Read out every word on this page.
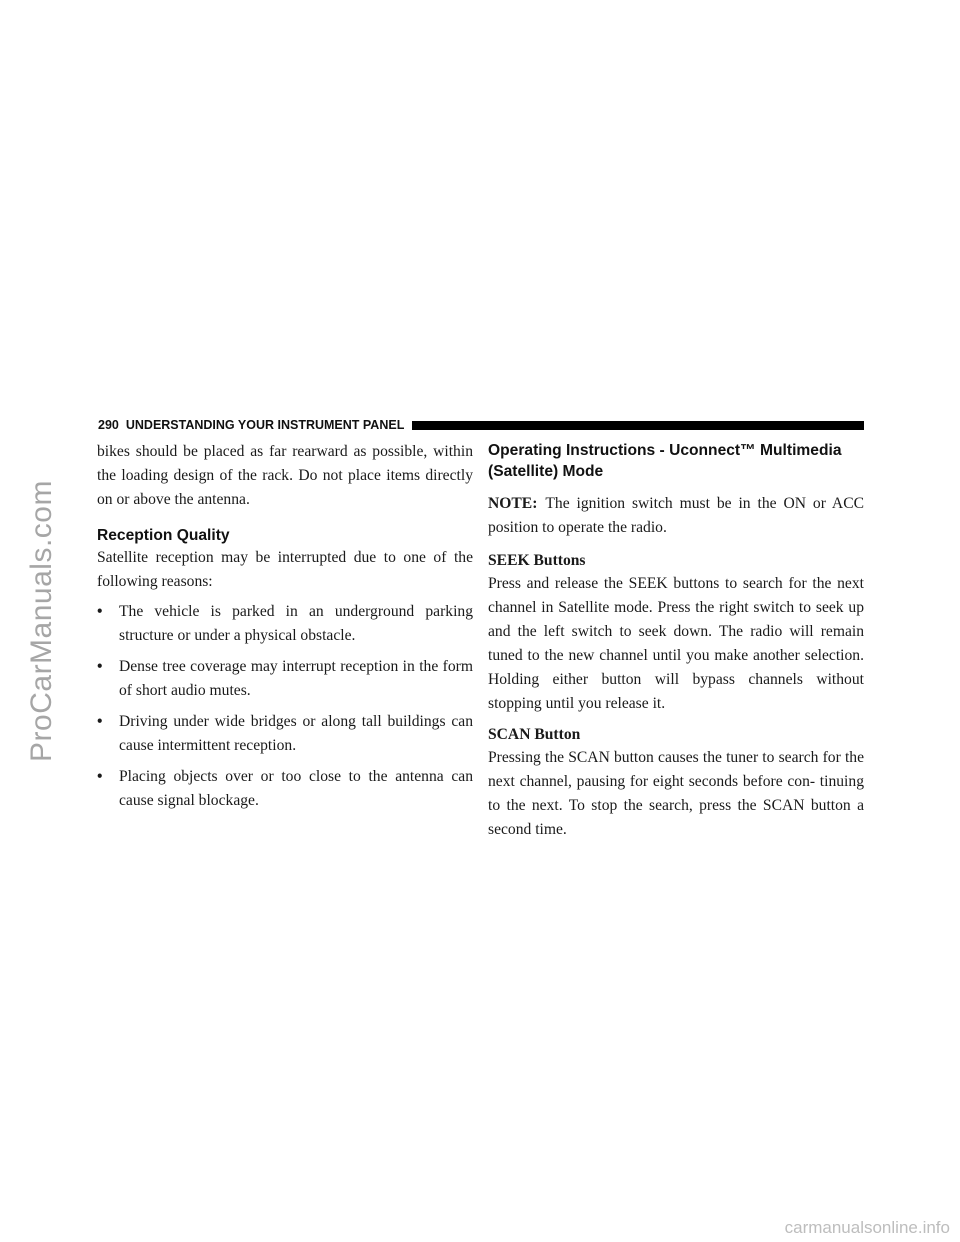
ProCarManuals.com
290 UNDERSTANDING YOUR INSTRUMENT PANEL

bikes should be placed as far rearward as possible, within the loading design of the rack. Do not place items directly on or above the antenna.

Reception Quality

Satellite reception may be interrupted due to one of the following reasons:

•	The vehicle is parked in an underground parking structure or under a physical obstacle.
•	Dense tree coverage may interrupt reception in the form of short audio mutes.
•	Driving under wide bridges or along tall buildings can cause intermittent reception.
•	Placing objects over or too close to the antenna can cause signal blockage.
Operating Instructions - Uconnect™ Multimedia (Satellite) Mode

NOTE: The ignition switch must be in the ON or ACC position to operate the radio.

SEEK Buttons

Press and release the SEEK buttons to search for the next channel in Satellite mode. Press the right switch to seek up and the left switch to seek down. The radio will remain tuned to the new channel until you make another selection. Holding either button will bypass channels without stopping until you release it.

SCAN Button

Pressing the SCAN button causes the tuner to search for the next channel, pausing for eight seconds before con- tinuing to the next. To stop the search, press the SCAN button a second time.

carmanualsonline.info
